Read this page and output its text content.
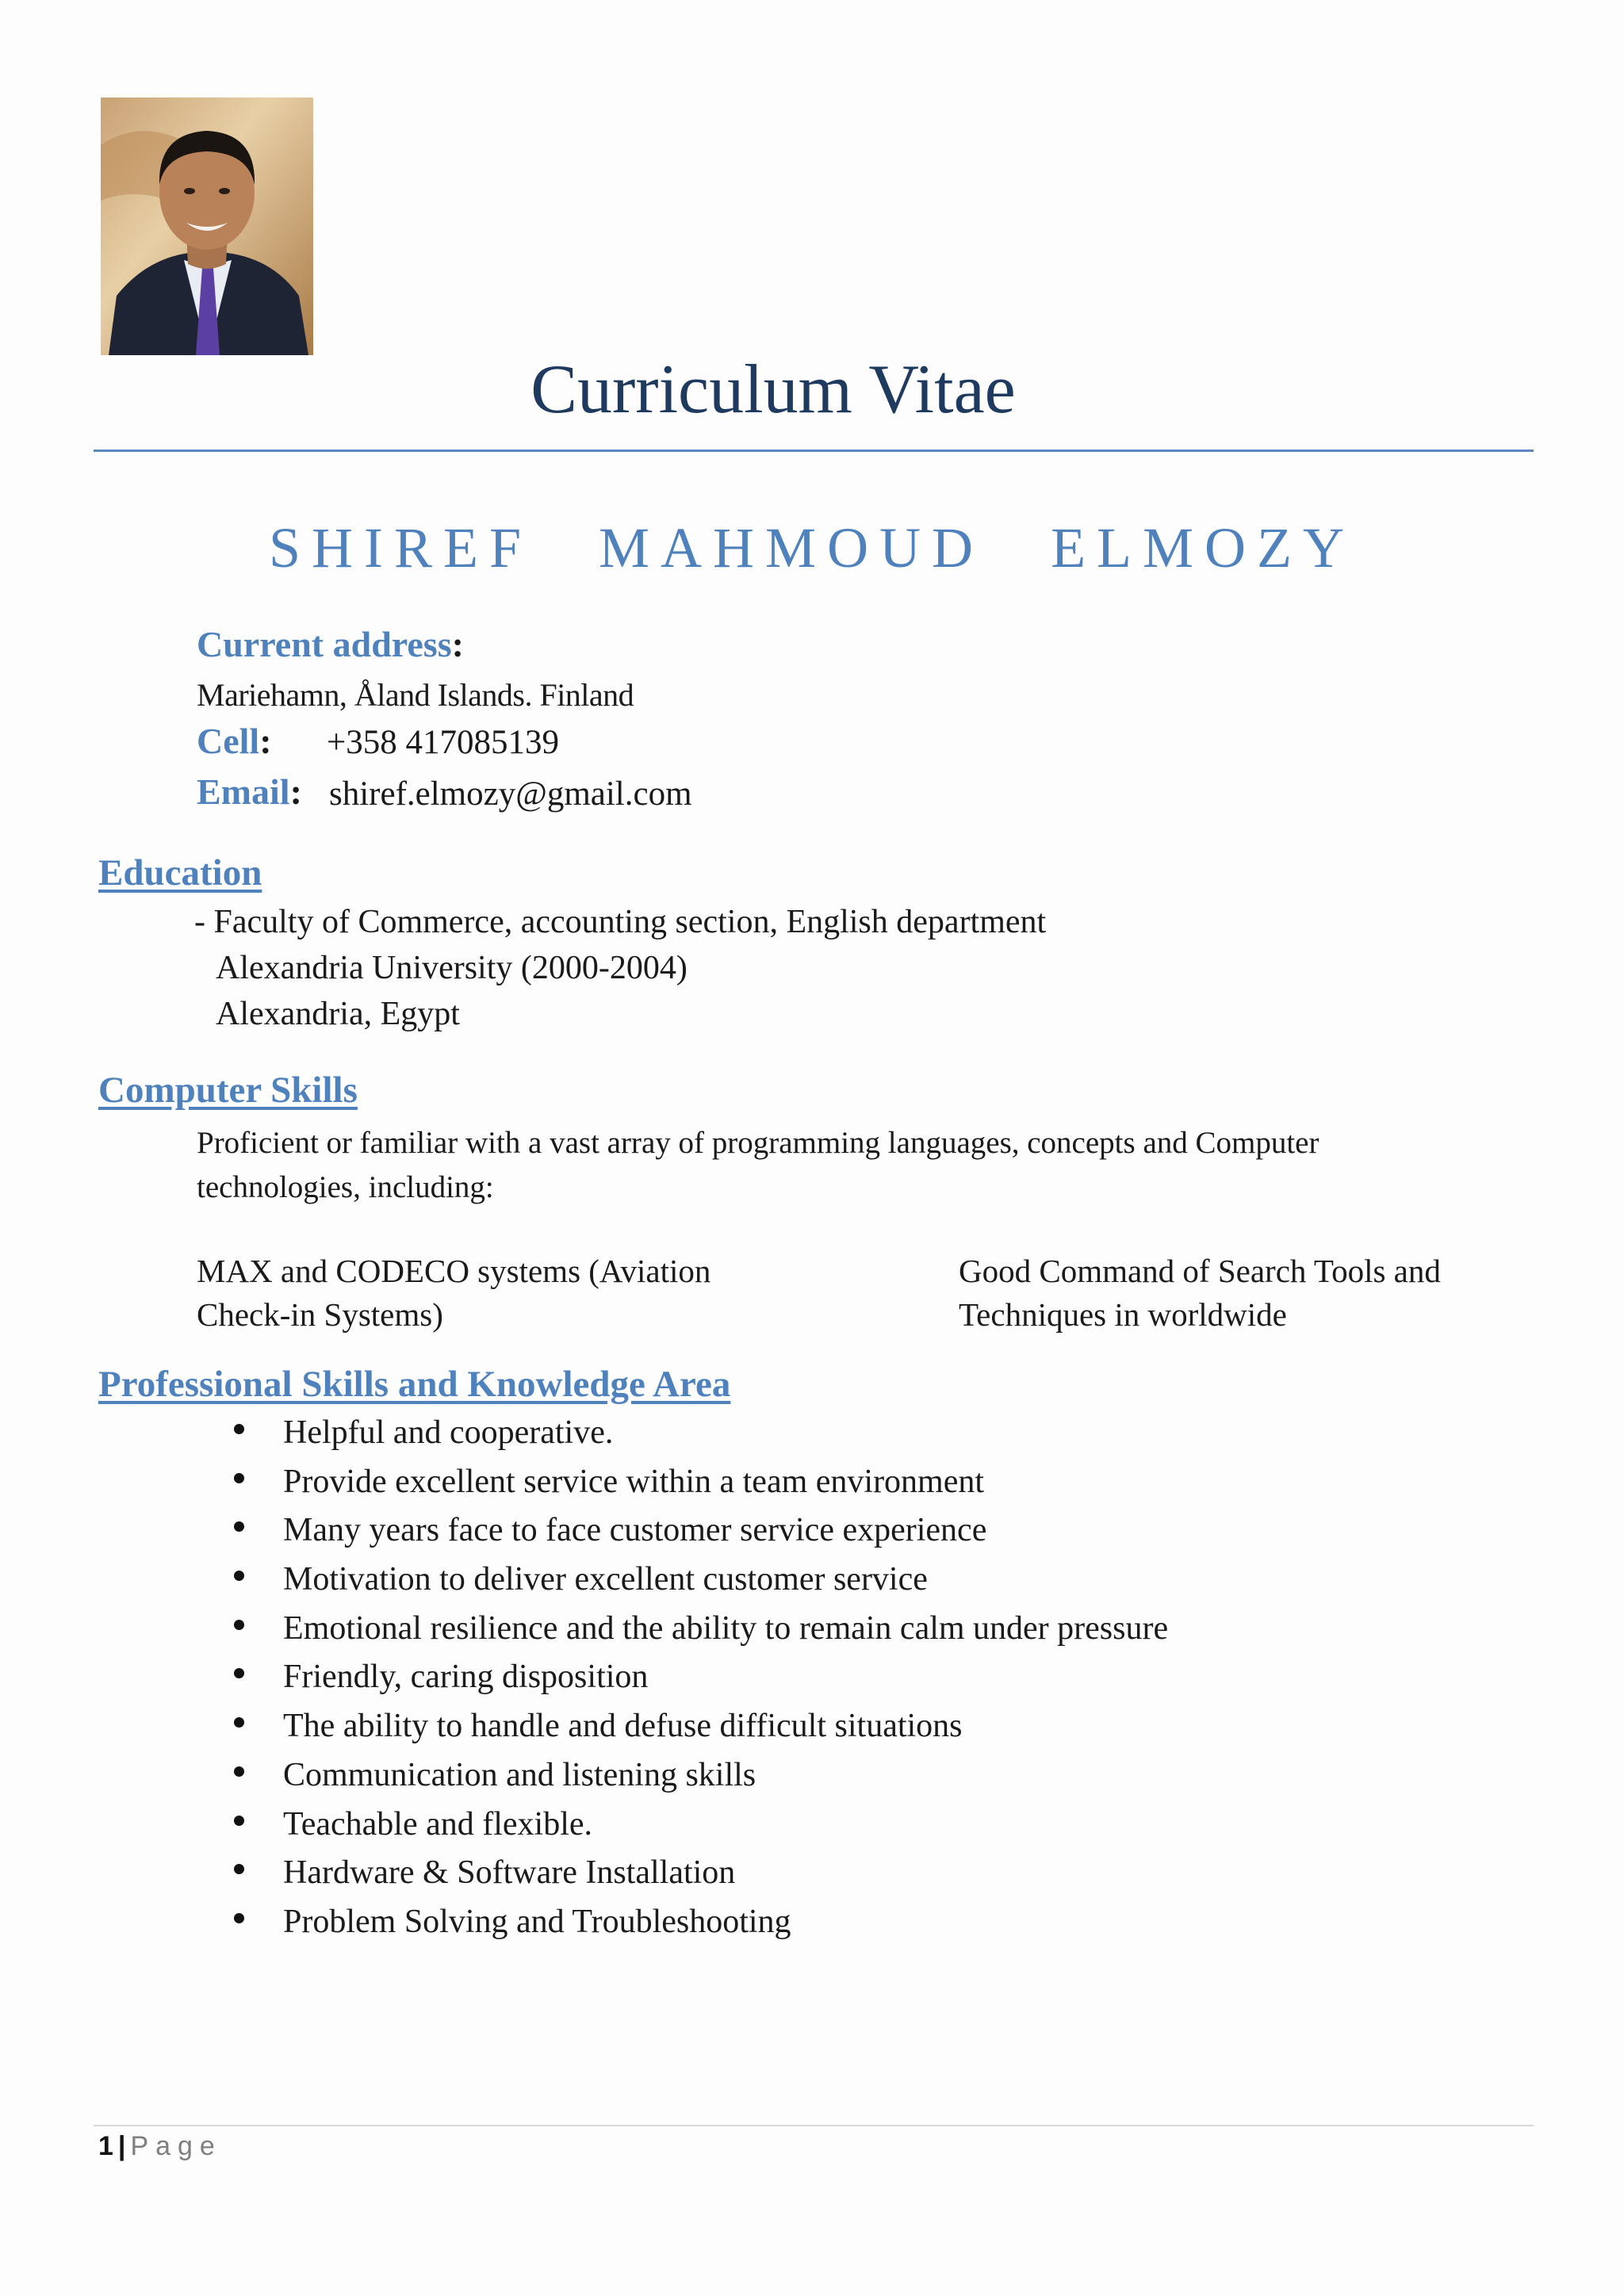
Curriculum Vitae
SHIREF MAHMOUD ELMOZY
Current address:
Mariehamn, Åland Islands. Finland
Cell: +358 417085139
Email: shiref.elmozy@gmail.com
Education
- Faculty of Commerce, accounting section, English department
Alexandria University (2000-2004)
Alexandria, Egypt
Computer Skills
Proficient or familiar with a vast array of programming languages, concepts and Computer technologies, including:
MAX and CODECO systems (Aviation Check-in Systems)
Good Command of Search Tools and Techniques in worldwide
Professional Skills and Knowledge Area
Helpful and cooperative.
Provide excellent service within a team environment
Many years face to face customer service experience
Motivation to deliver excellent customer service
Emotional resilience and the ability to remain calm under pressure
Friendly, caring disposition
The ability to handle and defuse difficult situations
Communication and listening skills
Teachable and flexible.
Hardware & Software Installation
Problem Solving and Troubleshooting
1 | Page
